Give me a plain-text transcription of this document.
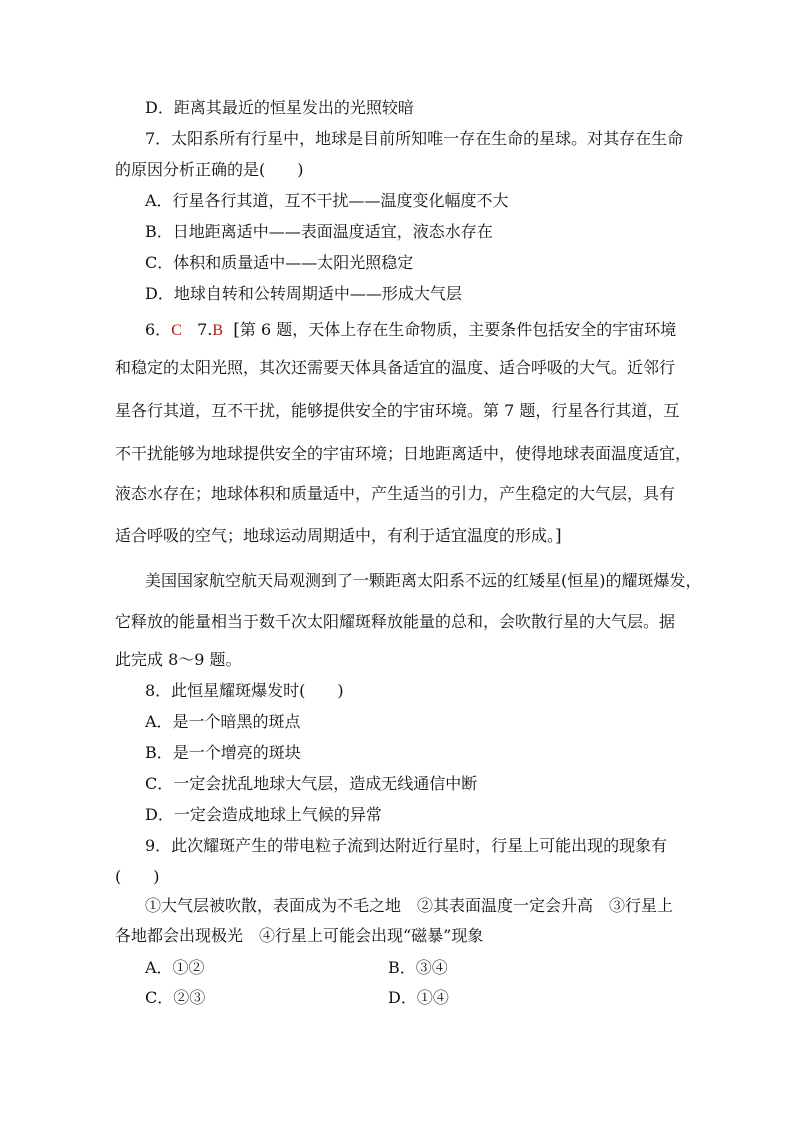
D．距离其最近的恒星发出的光照较暗
7．太阳系所有行星中，地球是目前所知唯一存在生命的星球。对其存在生命
的原因分析正确的是(　　)
A．行星各行其道，互不干扰——温度变化幅度不大
B．日地距离适中——表面温度适宜，液态水存在
C．体积和质量适中——太阳光照稳定
D．地球自转和公转周期适中——形成大气层
6．C 7.B [第 6 题，天体上存在生命物质，主要条件包括安全的宇宙环境
和稳定的太阳光照，其次还需要天体具备适宜的温度、适合呼吸的大气。近邻行
星各行其道，互不干扰，能够提供安全的宇宙环境。第 7 题，行星各行其道，互
不干扰能够为地球提供安全的宇宙环境；日地距离适中，使得地球表面温度适宜，
液态水存在；地球体积和质量适中，产生适当的引力，产生稳定的大气层，具有
适合呼吸的空气；地球运动周期适中，有利于适宜温度的形成。]
美国国家航空航天局观测到了一颗距离太阳系不远的红矮星(恒星)的耀斑爆发，
它释放的能量相当于数千次太阳耀斑释放能量的总和，会吹散行星的大气层。据
此完成 8～9 题。
8．此恒星耀斑爆发时(　　)
A．是一个暗黑的斑点
B．是一个增亮的斑块
C．一定会扰乱地球大气层，造成无线通信中断
D．一定会造成地球上气候的异常
9．此次耀斑产生的带电粒子流到达附近行星时，行星上可能出现的现象有
(　　)
①大气层被吹散，表面成为不毛之地　②其表面温度一定会升高　③行星上
各地都会出现极光　④行星上可能会出现“磁暴”现象
A．①②	B．③④
C．②③	D．①④
